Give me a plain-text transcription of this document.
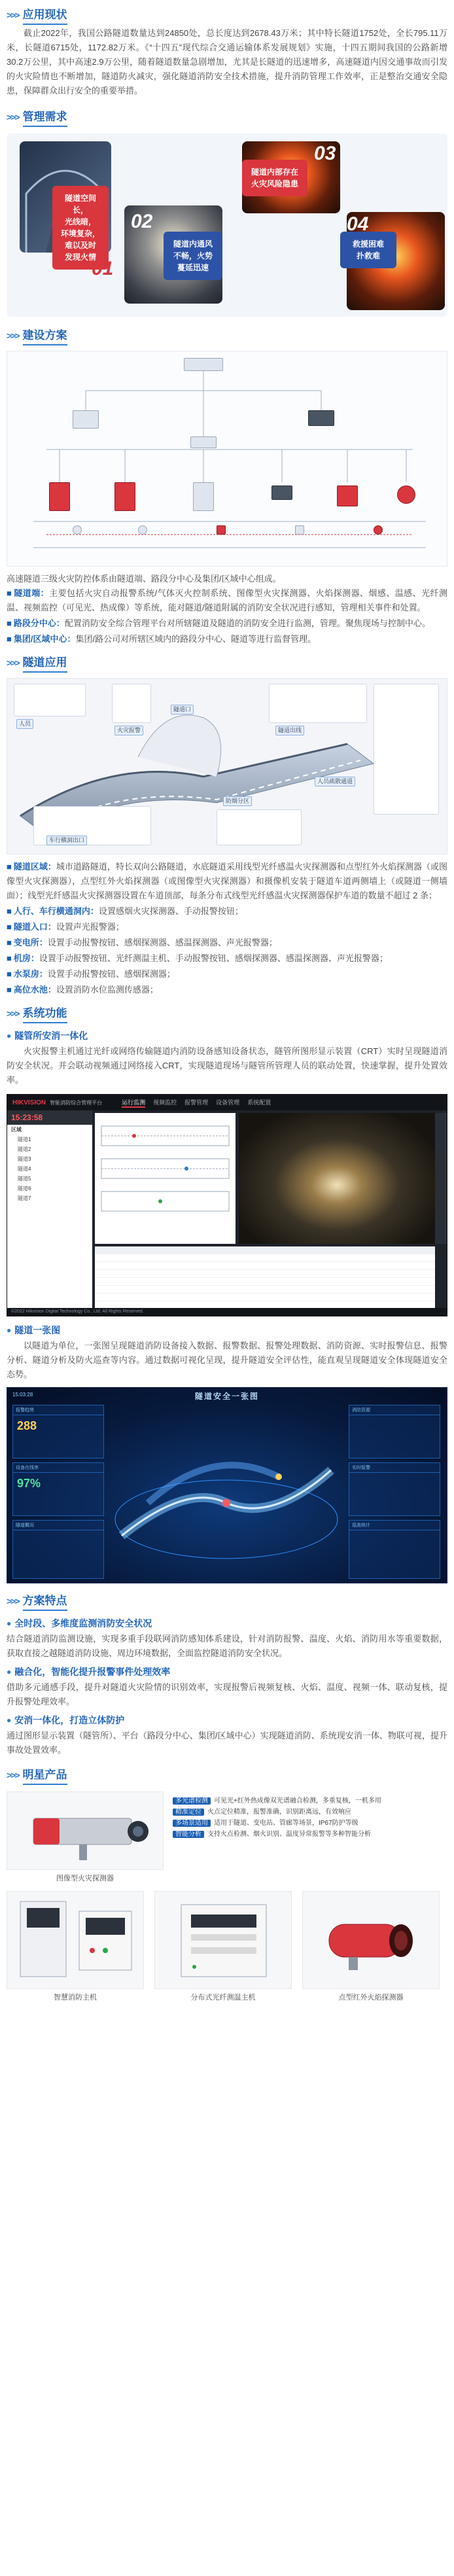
>>> 应用现状

截止2022年，我国公路隧道数量达到24850处，总长度达到2678.43万米；其中特长隧道1752处，全长795.11万米，长隧道6715处，1172.82万米。《“十四五”现代综合交通运输体系发展规划》实施，十四五期间我国的公路新增30.2万公里，其中高速2.9万公里，随着隧道数量急剧增加，尤其是长隧道的迅速增多，高速隧道内因交通事故而引发的火灾险情也不断增加，隧道防火减灾，强化隧道消防安全技术措施，提升消防管理工作效率，正是整治交通安全隐患，保障群众出行安全的重要举措。

>>> 管理需求
隧道空间长，
光线暗，
环境复杂，
难以及时
发现火情
01
隧道内通风
不畅，火势
蔓延迅速
02
隧道内部存在
火灾风险隐患
03
救援困难
扑救难
04
>>> 建设方案

高速隧道三级火灾防控体系由隧道端、路段分中心及集团/区域中心组成。

■ 隧道端：主要包括火灾自动报警系统/气体灭火控制系统、图像型火灾探测器、火焰探测器、烟感、温感、光纤测温、视频监控（可见光、热成像）等系统，能对隧道/隧道附属的消防安全状况进行感知，管理相关事件和处置。
■ 路段分中心：配置消防安全综合管理平台对所辖隧道及隧道的消防安全进行监测，管理。聚焦现场与控制中心。
■ 集团/区域中心：集团/路公司对所辖区域内的路段分中心、隧道等进行监督管理。
>>> 隧道应用
人员
车行横洞出口
隧道口
火灾报警	隧道出线
防烟分区
人员疏散通道
■ 隧道区域：城市道路隧道，特长双向公路隧道，水底隧道采用线型光纤感温火灾探测器和点型红外火焰探测器（或图像型火灾探测器），点型红外火焰探测器（或图像型火灾探测器）和摄像机安装于隧道车道两侧墙上（或隧道一侧墙面）；线型光纤感温火灾探测器设置在车道顶部，每条分布式线型光纤感温火灾探测器保护车道的数量不超过 2 条；
■ 人行、车行横通洞内：设置感烟火灾探测器、手动报警按钮；
■ 隧道入口：设置声光报警器；
■ 变电所：设置手动报警按钮、感烟探测器、感温探测器、声光报警器；
■ 机房：设置手动报警按钮、光纤测温主机、手动报警按钮、感烟探测器、感温探测器、声光报警器；
■ 水泵房：设置手动报警按钮、感烟探测器；
■ 高位水池：设置消防水位监测传感器；
>>> 系统功能
● 隧管所安消一体化

火灾报警主机通过光纤或网络传输隧道内消防设备感知设备状态，隧管所图形显示装置（CRT）实时呈现隧道消防安全状况。并会联动视频通过网络接入CRT，实现隧道现场与隧管所管理人员的联动处置，快速掌握，提升处置效率。

HIKVISION 智能消防综合管理平台	运行监测 视频监控 报警管理 设备管理 系统配置
15:23:58
区域
隧道1
隧道2
隧道3
隧道4
隧道5
隧道6
隧道7
©2022 Hikvision Digital Technology Co., Ltd. All Rights Reserved.
● 隧道一张图

以隧道为单位，一张图呈现隧道消防设备接入数据、报警数据、报警处理数据、消防资源、实时报警信息、报警分析、隧道分析及防火巡查等内容。通过数据可视化呈现，提升隧道安全评估性，能直观呈现隧道安全体现隧道安全态势。

15:03:28	隧道安全一张图
报警趋势
288
设备在线率
97%
隧道概况
消防资源
实时报警
巡查统计
>>> 方案特点
● 全时段、多维度监测消防安全状况

结合隧道消防监测设施，实现多重手段联网消防感知体系建设，针对消防报警、温度、火焰、消防用水等重要数据，获取直接之越隧道消防设施、周边环境数据，全面监控隧道消防安全状况。

● 融合化，智能化提升报警事件处理效率

借助多元通感手段，提升对隧道火灾险情的识别效率，实现报警后视频复核、火焰、温度、视频一体、联动复核，提升报警处理效率。

● 安消一体化，打造立体防护

通过图形显示装置（隧管所）、平台（路段分中心、集团/区域中心）实现隧道消防、系统现安消一体、物联可视，提升事故处置效率。

>>> 明星产品
图像型火灾探测器
多光谱检测 可见光+红外热成像双光谱融合检测，多重复核，一机多用
精准定位 火点定位精准，报警准确，识别距离远，有效响应
多场景适用 适用于隧道、变电站、管廊等场景，IP67防护等级
智能分析 支持火点检测、烟火识别、温度异常报警等多种智能分析
智慧消防主机	分布式光纤测温主机	点型红外火焰探测器
